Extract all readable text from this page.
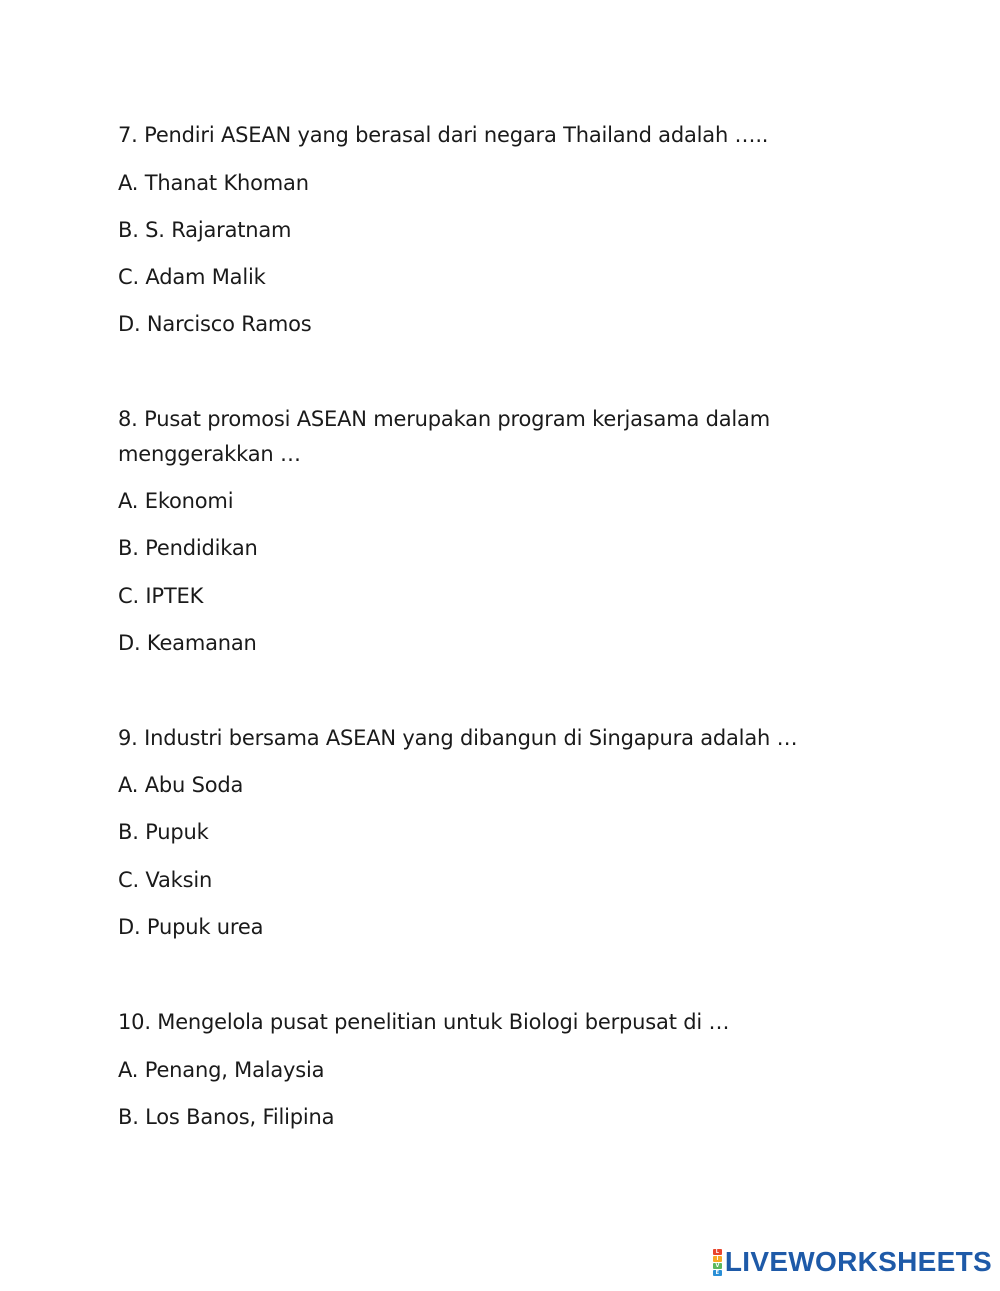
7. Pendiri ASEAN yang berasal dari negara Thailand adalah …..
A. Thanat Khoman
B. S. Rajaratnam
C. Adam Malik
D. Narcisco Ramos
8. Pusat promosi ASEAN merupakan program kerjasama dalam
menggerakkan …
A. Ekonomi
B. Pendidikan
C. IPTEK
D. Keamanan
9. Industri bersama ASEAN yang dibangun di Singapura adalah …
A. Abu Soda
B. Pupuk
C. Vaksin
D. Pupuk urea
10. Mengelola pusat penelitian untuk Biologi berpusat di …
A. Penang, Malaysia
B. Los Banos, Filipina
L
I
V
E LIVEWORKSHEETS
